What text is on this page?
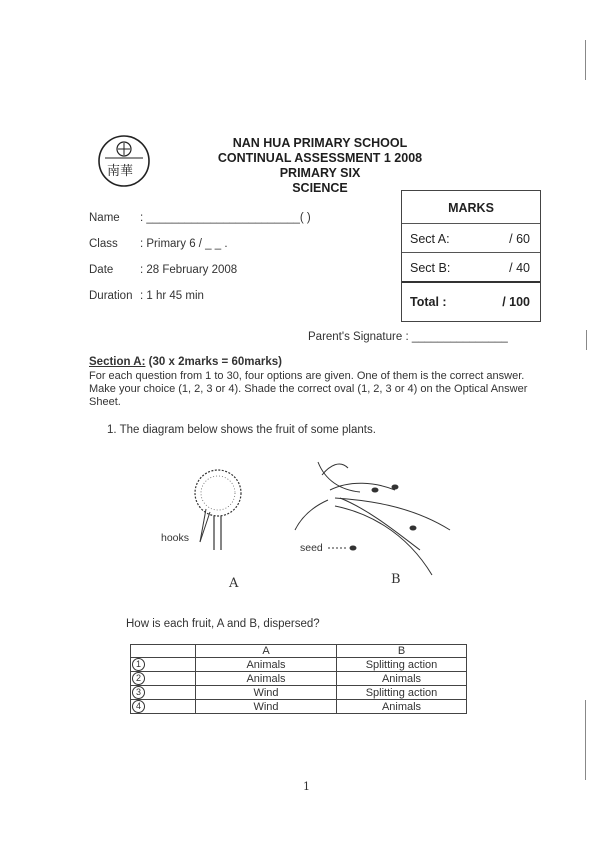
南華
NAN HUA PRIMARY SCHOOL
CONTINUAL ASSESSMENT 1 2008
PRIMARY SIX
SCIENCE
Name : ________________________( )
Class : Primary 6 / _ _ .
Date : 28 February 2008
Duration : 1 hr 45 min
MARKS
Sect A:	/ 60
Sect B:	/ 40
Total :	/ 100
Parent's Signature : _______________
Section A: (30 x 2marks = 60marks)
For each question from 1 to 30, four options are given. One of them is the correct answer. Make your choice (1, 2, 3 or 4). Shade the correct oval (1, 2, 3 or 4) on the Optical Answer Sheet.
1. The diagram below shows the fruit of some plants.
hooks
seed
A	B
How is each fruit, A and B, dispersed?
	A	B
1	Animals	Splitting action
2	Animals	Animals
3	Wind	Splitting action
4	Wind	Animals
1
